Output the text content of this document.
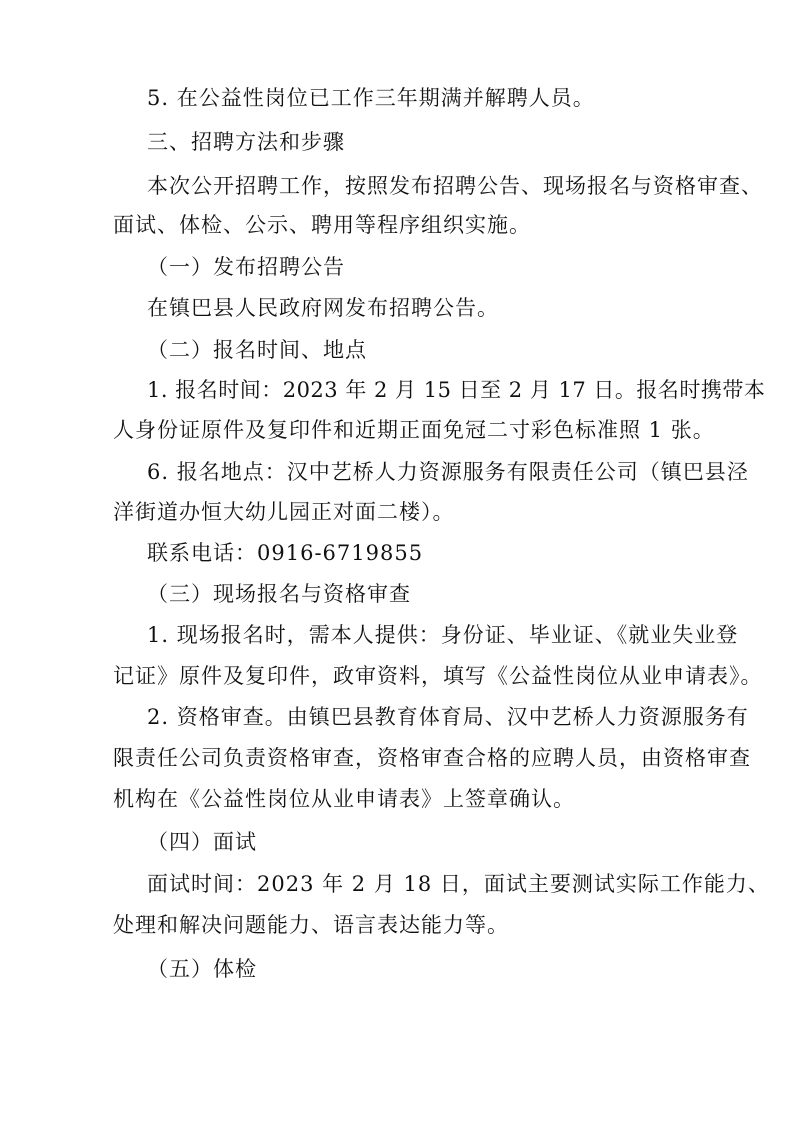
5. 在公益性岗位已工作三年期满并解聘人员。
三、招聘方法和步骤
本次公开招聘工作，按照发布招聘公告、现场报名与资格审查、
面试、体检、公示、聘用等程序组织实施。
（一）发布招聘公告
在镇巴县人民政府网发布招聘公告。
（二）报名时间、地点
1. 报名时间：2023 年 2 月 15 日至 2 月 17 日。报名时携带本
人身份证原件及复印件和近期正面免冠二寸彩色标准照 1 张。
6. 报名地点：汉中艺桥人力资源服务有限责任公司（镇巴县泾
洋街道办恒大幼儿园正对面二楼）。
联系电话：0916-6719855
（三）现场报名与资格审查
1. 现场报名时，需本人提供：身份证、毕业证、《就业失业登
记证》原件及复印件，政审资料，填写《公益性岗位从业申请表》。
2. 资格审查。由镇巴县教育体育局、汉中艺桥人力资源服务有
限责任公司负责资格审查，资格审查合格的应聘人员，由资格审查
机构在《公益性岗位从业申请表》上签章确认。
（四）面试
面试时间：2023 年 2 月 18 日，面试主要测试实际工作能力、
处理和解决问题能力、语言表达能力等。
（五）体检
